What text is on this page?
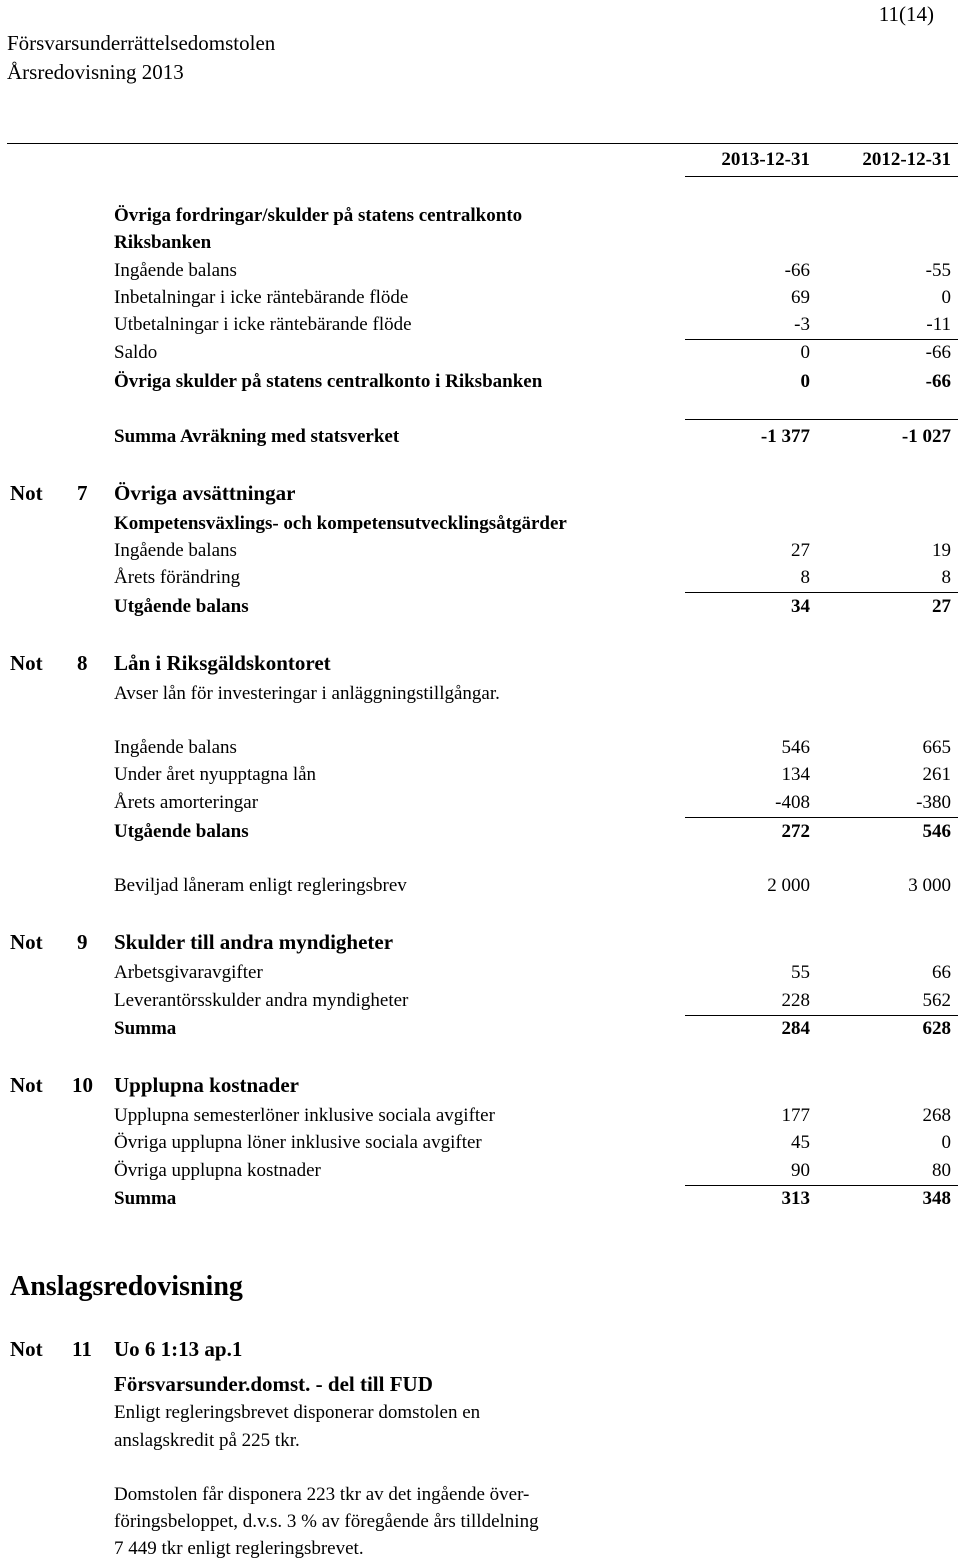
11(14)
Försvarsunderrättelsedomstolen
Årsredovisning 2013
2013-12-31	2012-12-31
Övriga fordringar/skulder på statens centralkonto
Riksbanken
Ingående balans	-66	-55
Inbetalningar i icke räntebärande flöde	69	0
Utbetalningar i icke räntebärande flöde	-3	-11
Saldo	0	-66
Övriga skulder på statens centralkonto i Riksbanken	0	-66
Summa Avräkning med statsverket	-1 377	-1 027
Not 7 Övriga avsättningar
Kompetensväxlings- och kompetensutvecklingsåtgärder
Ingående balans	27	19
Årets förändring	8	8
Utgående balans	34	27
Not 8 Lån i Riksgäldskontoret
Avser lån för investeringar i anläggningstillgångar.
Ingående balans	546	665
Under året nyupptagna lån	134	261
Årets amorteringar	-408	-380
Utgående balans	272	546
Beviljad låneram enligt regleringsbrev	2 000	3 000
Not 9 Skulder till andra myndigheter
Arbetsgivaravgifter	55	66
Leverantörsskulder andra myndigheter	228	562
Summa	284	628
Not 10 Upplupna kostnader
Upplupna semesterlöner inklusive sociala avgifter	177	268
Övriga upplupna löner inklusive sociala avgifter	45	0
Övriga upplupna kostnader	90	80
Summa	313	348
Anslagsredovisning
Not 11 Uo 6 1:13 ap.1
Försvarsunder.domst. - del till FUD
Enligt regleringsbrevet disponerar domstolen en
anslagskredit på 225 tkr.
Domstolen får disponera 223 tkr av det ingående över-
föringsbeloppet, d.v.s. 3 % av föregående års tilldelning
7 449 tkr enligt regleringsbrevet.
